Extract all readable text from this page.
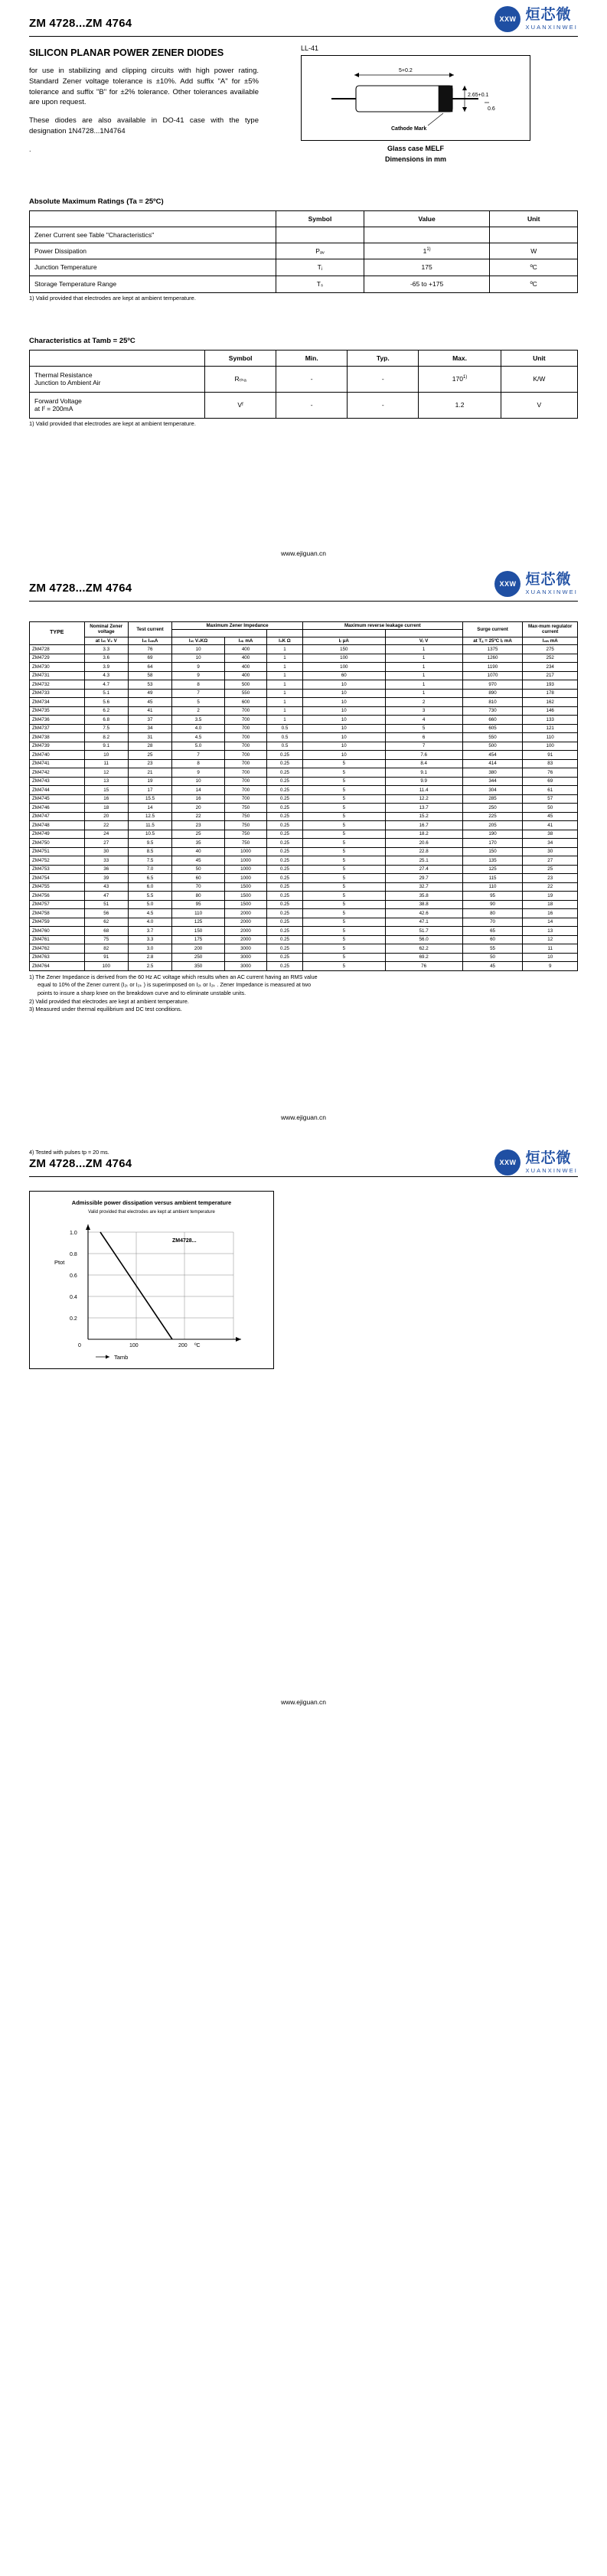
ZM 4728...ZM 4764	XXW 烜芯微
XUANXINWEI
SILICON PLANAR POWER ZENER DIODES

for use in stabilizing and clipping circuits with high power rating. Standard Zener voltage tolerance is ±10%. Add suffix "A" for ±5% tolerance and suffix "B" for ±2% tolerance. Other tolerances available are upon request.

These diodes are also available in DO-41 case with the type designation 1N4728...1N4764

.

LL-41
5+0.2
2.65+0.1
0.6
Cathode Mark
Glass case MELF
Dimensions in mm
Absolute Maximum Ratings (Ta = 25ºC)
	Symbol	Value	Unit
Zener Current see Table "Characteristics"			
Power Dissipation	Pₐᵥ	1$^{1)}$	W
Junction Temperature	Tⱼ	175	ºC
Storage Temperature Range	Tₛ	-65 to +175	ºC
1) Valid provided that electrodes are kept at ambient temperature.
Characteristics at Tamb = 25ºC
	Symbol	Min.	Typ.	Max.	Unit
Thermal Resistance
Junction to Ambient Air	Rₜₕₐ	-	-	170$^{1)}$	K/W
Forward Voltage
at Iᶠ = 200mA	Vᶠ	-	-	1.2	V
1) Valid provided that electrodes are kept at ambient temperature.
www.ejiguan.cn
ZM 4728...ZM 4764	XXW 烜芯微
XUANXINWEI
TYPE	Nominal Zener voltage	Test current	Maximum Zener Impedance			Maximum reverse leakage current		Surge current	Max-mum regulator current

	at I₂ₜ V₂ V	I₂ₜ I₂ₘA	I₂ₜ V₂KΩ	I₂ₖ mA	I₂K Ω	Iᵣ µA	Vᵣ V	at Tₐ = 25ºC Iᵣ mA	I₂ₘ mA
ZM4728	3.3	76	10	400	1	150	1	1375	275
ZM4729	3.6	69	10	400	1	100	1	1260	252
ZM4730	3.9	64	9	400	1	100	1	1190	234
ZM4731	4.3	58	9	400	1	60	1	1070	217
ZM4732	4.7	53	8	500	1	10	1	970	193
ZM4733	5.1	49	7	550	1	10	1	890	178
ZM4734	5.6	45	5	600	1	10	2	810	162
ZM4735	6.2	41	2	700	1	10	3	730	146
ZM4736	6.8	37	3.5	700	1	10	4	660	133
ZM4737	7.5	34	4.0	700	0.5	10	5	605	121
ZM4738	8.2	31	4.5	700	0.5	10	6	550	110
ZM4739	9.1	28	5.0	700	0.5	10	7	500	100
ZM4740	10	25	7	700	0.25	10	7.6	454	91
ZM4741	11	23	8	700	0.25	5	8.4	414	83
ZM4742	12	21	9	700	0.25	5	9.1	380	76
ZM4743	13	19	10	700	0.25	5	9.9	344	69
ZM4744	15	17	14	700	0.25	5	11.4	304	61
ZM4745	16	15.5	16	700	0.25	5	12.2	285	57
ZM4746	18	14	20	750	0.25	5	13.7	250	50
ZM4747	20	12.5	22	750	0.25	5	15.2	225	45
ZM4748	22	11.5	23	750	0.25	5	16.7	205	41
ZM4749	24	10.5	25	750	0.25	5	18.2	190	38
ZM4750	27	9.5	35	750	0.25	5	20.6	170	34
ZM4751	30	8.5	40	1000	0.25	5	22.8	150	30
ZM4752	33	7.5	45	1000	0.25	5	25.1	135	27
ZM4753	36	7.0	50	1000	0.25	5	27.4	125	25
ZM4754	39	6.5	60	1000	0.25	5	29.7	115	23
ZM4755	43	6.0	70	1500	0.25	5	32.7	110	22
ZM4756	47	5.5	80	1500	0.25	5	35.8	95	19
ZM4757	51	5.0	95	1500	0.25	5	38.8	90	18
ZM4758	56	4.5	110	2000	0.25	5	42.6	80	16
ZM4759	62	4.0	125	2000	0.25	5	47.1	70	14
ZM4760	68	3.7	150	2000	0.25	5	51.7	65	13
ZM4761	75	3.3	175	2000	0.25	5	56.0	60	12
ZM4762	82	3.0	200	3000	0.25	5	62.2	55	11
ZM4763	91	2.8	250	3000	0.25	5	69.2	50	10
ZM4764	100	2.5	350	3000	0.25	5	76	45	9
1) The Zener Impedance is derived from the 60 Hz AC voltage which results when an AC current having an RMS value
equal to 10% of the Zener current (I₂ₜ or I₂ₖ ) is superimposed on I₂ₜ or I₂ₖ . Zener Impedance is measured at two
points to insure a sharp knee on the breakdown curve and to eliminate unstable units.
2) Valid provided that electrodes are kept at ambient temperature.
3) Measured under thermal equilibrium and DC test conditions.
www.ejiguan.cn
4) Tested with pulses tp = 20 ms.
ZM 4728...ZM 4764	XXW 烜芯微
XUANXINWEI
Admissible power dissipation versus ambient temperature
Valid provided that electrodes are kept at ambient temperature
1.0
0.8
0.6
0.4
0.2
0	100	200 ºC
Ptot
Tamb
ZM4728...
www.ejiguan.cn
